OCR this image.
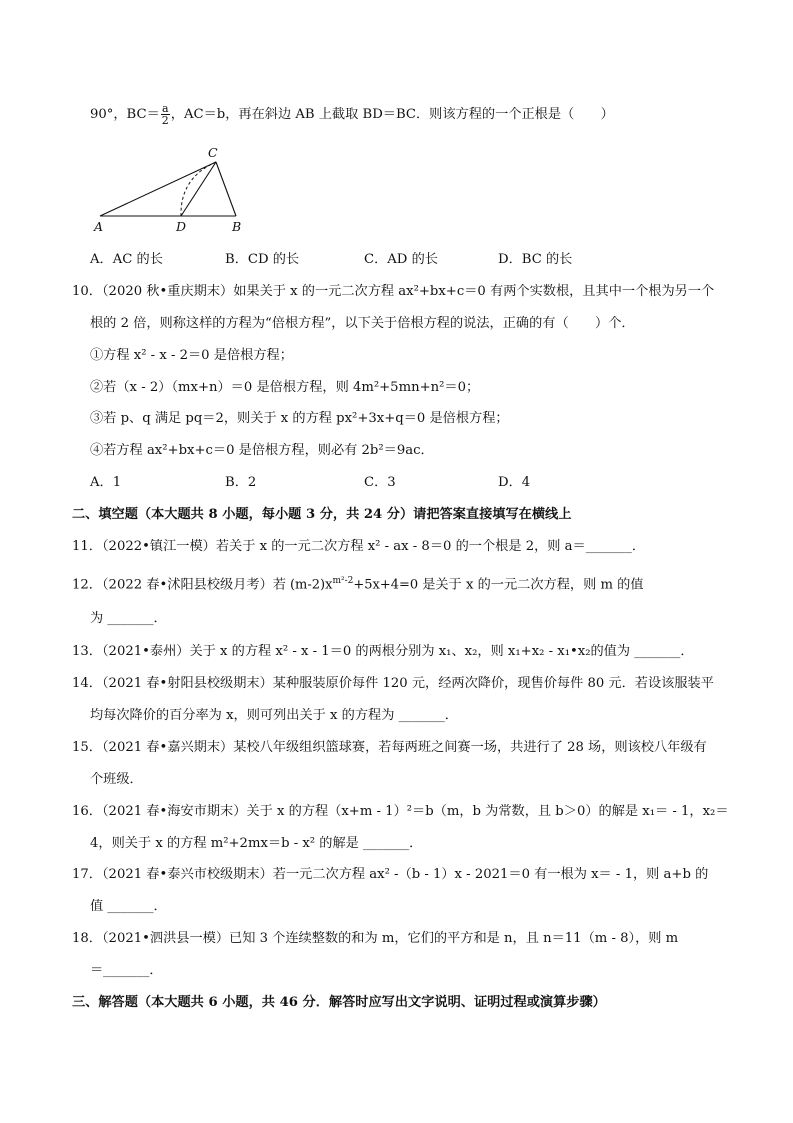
90°，$BC= \frac{a}{2}$ ，AC＝b，再在斜边 AB 上截取 BD＝BC．则该方程的一个正根是（　　）
A	D	B
C
A．AC 的长	B．CD 的长	C．AD 的长	D．BC 的长
10．（2020 秋•重庆期末）如果关于 x 的一元二次方程 ax²+bx+c＝0 有两个实数根，且其中一个根为另一个
根的 2 倍，则称这样的方程为“倍根方程”，以下关于倍根方程的说法，正确的有（　　）个．
①方程 x² - x - 2＝0 是倍根方程；
②若（x - 2）（mx+n）＝0 是倍根方程，则 4m²+5mn+n²＝0；
③若 p、q 满足 pq＝2，则关于 x 的方程 px²+3x+q＝0 是倍根方程；
④若方程 ax²+bx+c＝0 是倍根方程，则必有 2b²＝9ac．
A．1	B．2	C．3	D．4
二、填空题（本大题共 8 小题，每小题 3 分，共 24 分）请把答案直接填写在横线上
11．（2022•镇江一模）若关于 x 的一元二次方程 x² - ax - 8＝0 的一个根是 2，则 a＝_______．
12．（2022 春•沭阳县校级月考）若 $(m-2)x^{m^2-2}+5x+4=0$ 是关于 x 的一元二次方程，则 m 的值
为 _______．
13．（2021•泰州）关于 x 的方程 x² - x - 1＝0 的两根分别为 x₁、x₂，则 x₁+x₂ - x₁•x₂的值为 _______．
14．（2021 春•射阳县校级期末）某种服装原价每件 120 元，经两次降价，现售价每件 80 元．若设该服装平
均每次降价的百分率为 x，则可列出关于 x 的方程为 _______．
15．（2021 春•嘉兴期末）某校八年级组织篮球赛，若每两班之间赛一场，共进行了 28 场，则该校八年级有
个班级．
16．（2021 春•海安市期末）关于 x 的方程（x+m - 1）²＝b（m，b 为常数，且 b＞0）的解是 x₁＝ - 1，x₂＝
4，则关于 x 的方程 m²+2mx＝b - x² 的解是 _______．
17．（2021 春•泰兴市校级期末）若一元二次方程 ax² -（b - 1）x - 2021＝0 有一根为 x＝ - 1，则 a+b 的
值 _______．
18．（2021•泗洪县一模）已知 3 个连续整数的和为 m，它们的平方和是 n，且 n＝11（m - 8），则 m
＝_______．
三、解答题（本大题共 6 小题，共 46 分．解答时应写出文字说明、证明过程或演算步骤）
